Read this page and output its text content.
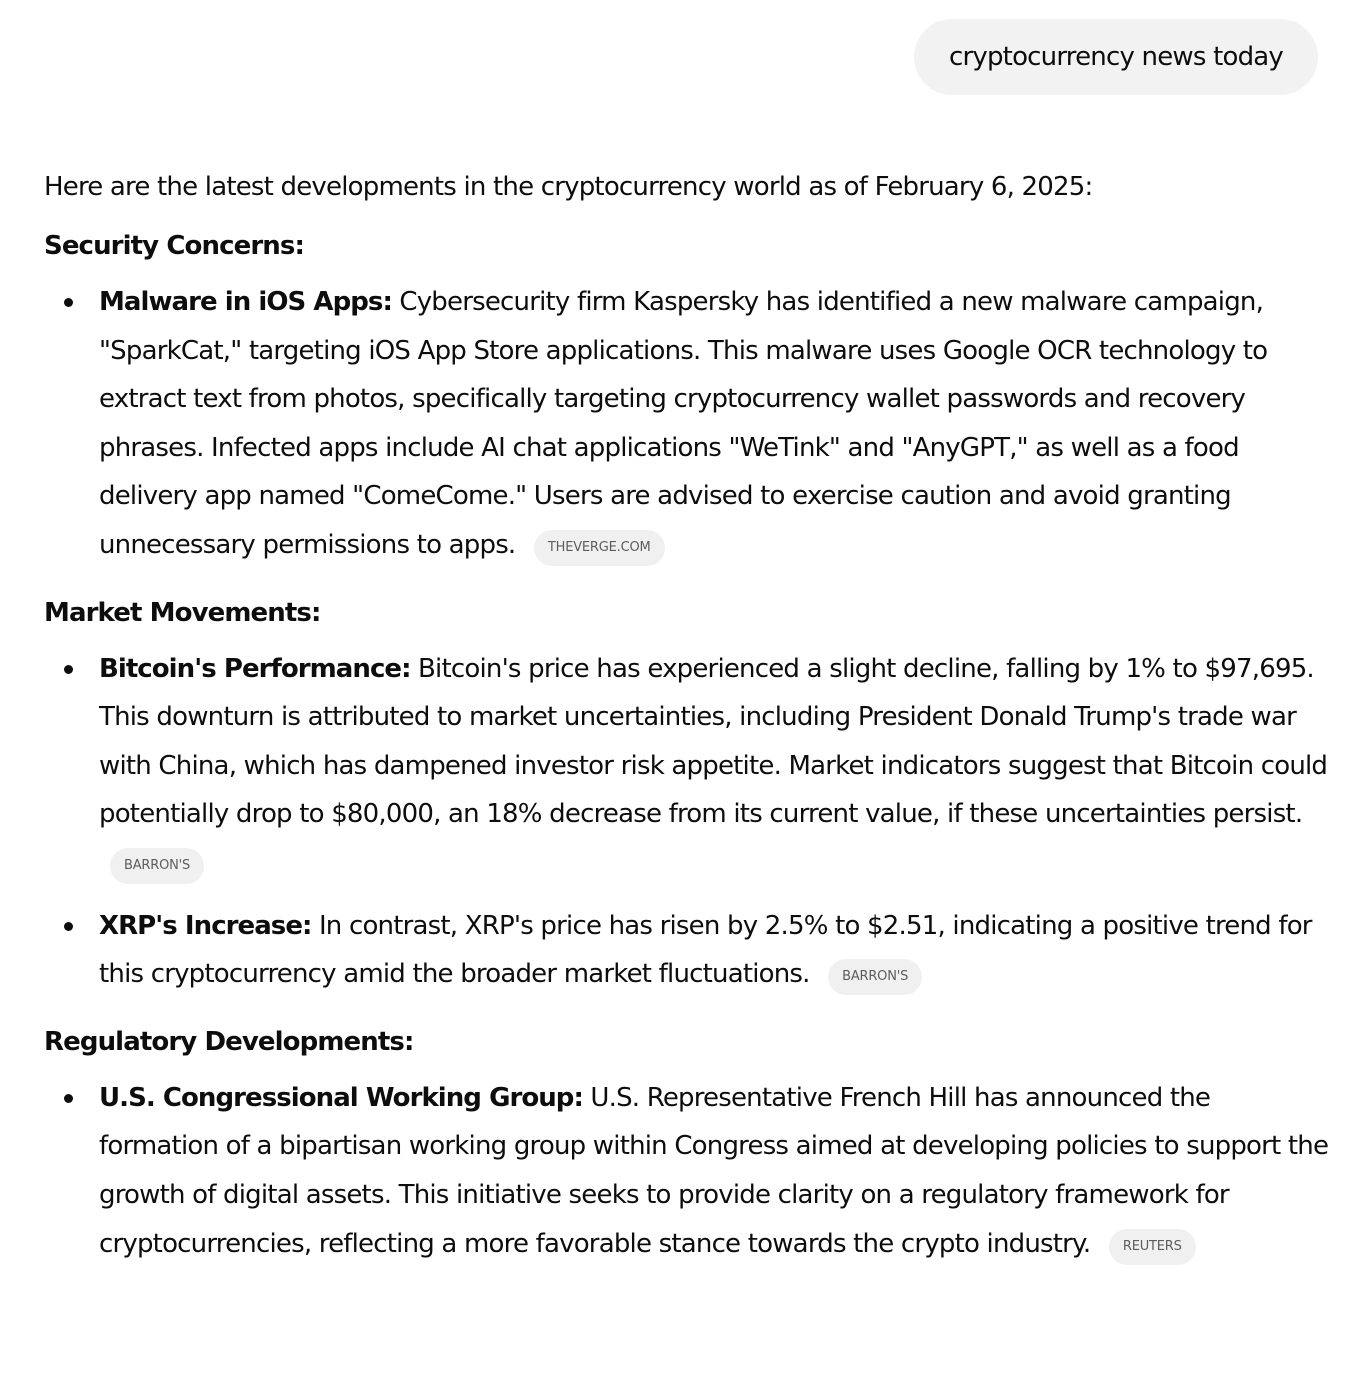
cryptocurrency news today

Here are the latest developments in the cryptocurrency world as of February 6, 2025:

Security Concerns:
Malware in iOS Apps: Cybersecurity firm Kaspersky has identified a new malware campaign, "SparkCat," targeting iOS App Store applications. This malware uses Google OCR technology to extract text from photos, specifically targeting cryptocurrency wallet passwords and recovery phrases. Infected apps include AI chat applications "WeTink" and "AnyGPT," as well as a food delivery app named "ComeCome." Users are advised to exercise caution and avoid granting unnecessary permissions to apps. THEVERGE.COM
Market Movements:
Bitcoin's Performance: Bitcoin's price has experienced a slight decline, falling by 1% to $97,695. This downturn is attributed to market uncertainties, including President Donald Trump's trade war with China, which has dampened investor risk appetite. Market indicators suggest that Bitcoin could potentially drop to $80,000, an 18% decrease from its current value, if these uncertainties persist. BARRON'S
XRP's Increase: In contrast, XRP's price has risen by 2.5% to $2.51, indicating a positive trend for this cryptocurrency amid the broader market fluctuations. BARRON'S
Regulatory Developments:
U.S. Congressional Working Group: U.S. Representative French Hill has announced the formation of a bipartisan working group within Congress aimed at developing policies to support the growth of digital assets. This initiative seeks to provide clarity on a regulatory framework for cryptocurrencies, reflecting a more favorable stance towards the crypto industry. REUTERS
